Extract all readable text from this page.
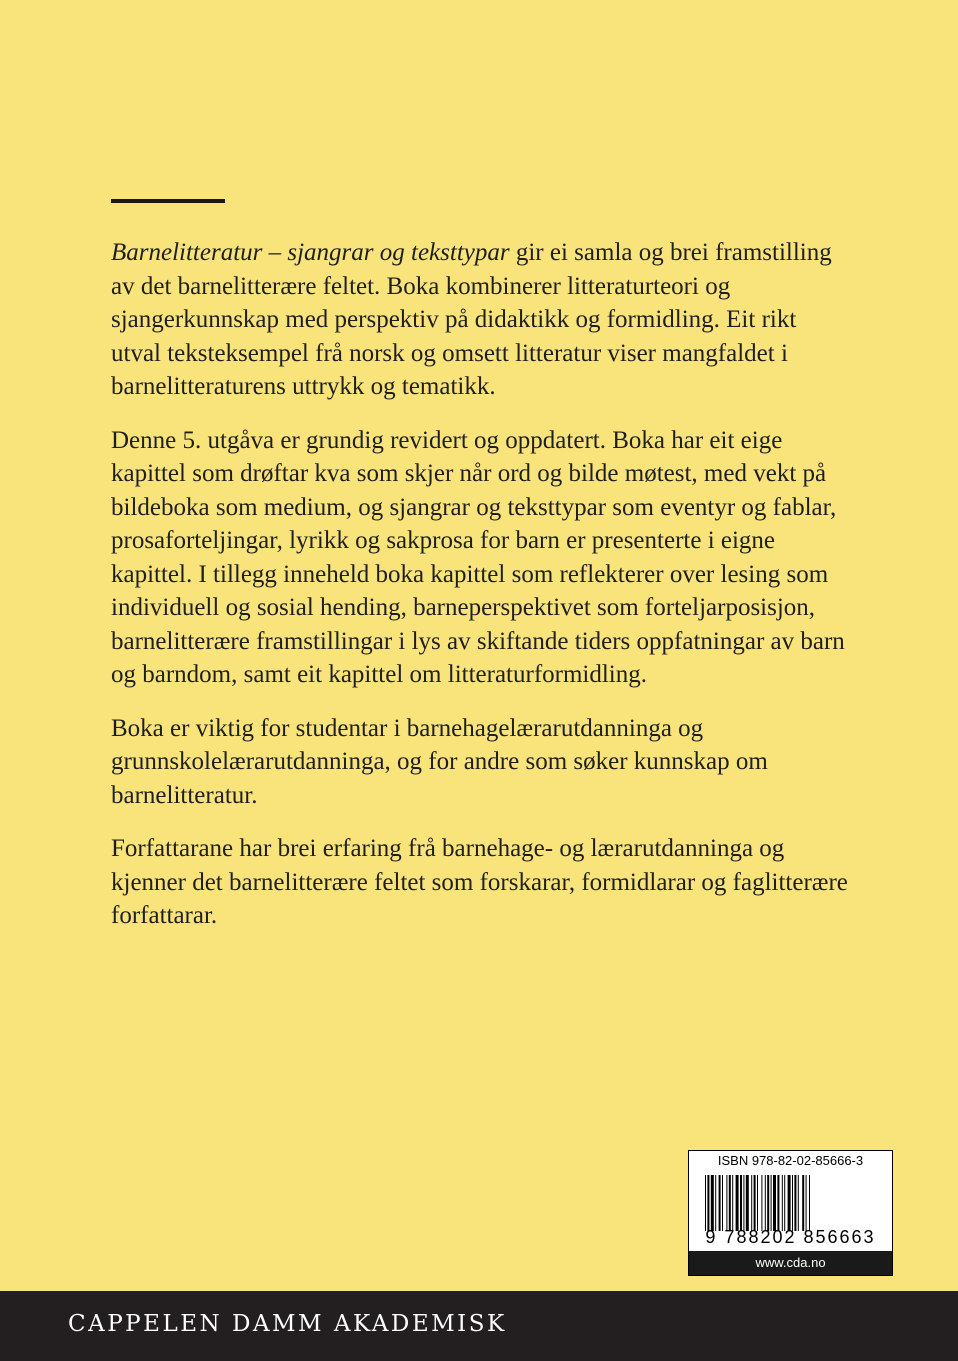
Barnelitteratur – sjangrar og teksttypar gir ei samla og brei framstilling av det barnelitterære feltet. Boka kombinerer litteraturteori og sjangerkunnskap med perspektiv på didaktikk og formidling. Eit rikt utval teksteksempel frå norsk og omsett litteratur viser mangfaldet i barnelitteraturens uttrykk og tematikk.

Denne 5. utgåva er grundig revidert og oppdatert. Boka har eit eige kapittel som drøftar kva som skjer når ord og bilde møtest, med vekt på bildeboka som medium, og sjangrar og teksttypar som eventyr og fablar, prosaforteljingar, lyrikk og sakprosa for barn er presenterte i eigne kapittel. I tillegg inneheld boka kapittel som reflekterer over lesing som individuell og sosial hending, barneperspektivet som forteljarposisjon, barnelitterære framstillingar i lys av skiftande tiders oppfatningar av barn og barndom, samt eit kapittel om litteraturformidling.

Boka er viktig for studentar i barnehagelærarutdanninga og grunnskolelærarutdanninga, og for andre som søker kunnskap om barnelitteratur.

Forfattarane har brei erfaring frå barnehage- og lærarutdanninga og kjenner det barnelitterære feltet som forskarar, formidlarar og faglitterære forfattarar.

ISBN 978-82-02-85666-3
9 788202 856663
www.cda.no
CAPPELEN DAMM AKADEMISK
